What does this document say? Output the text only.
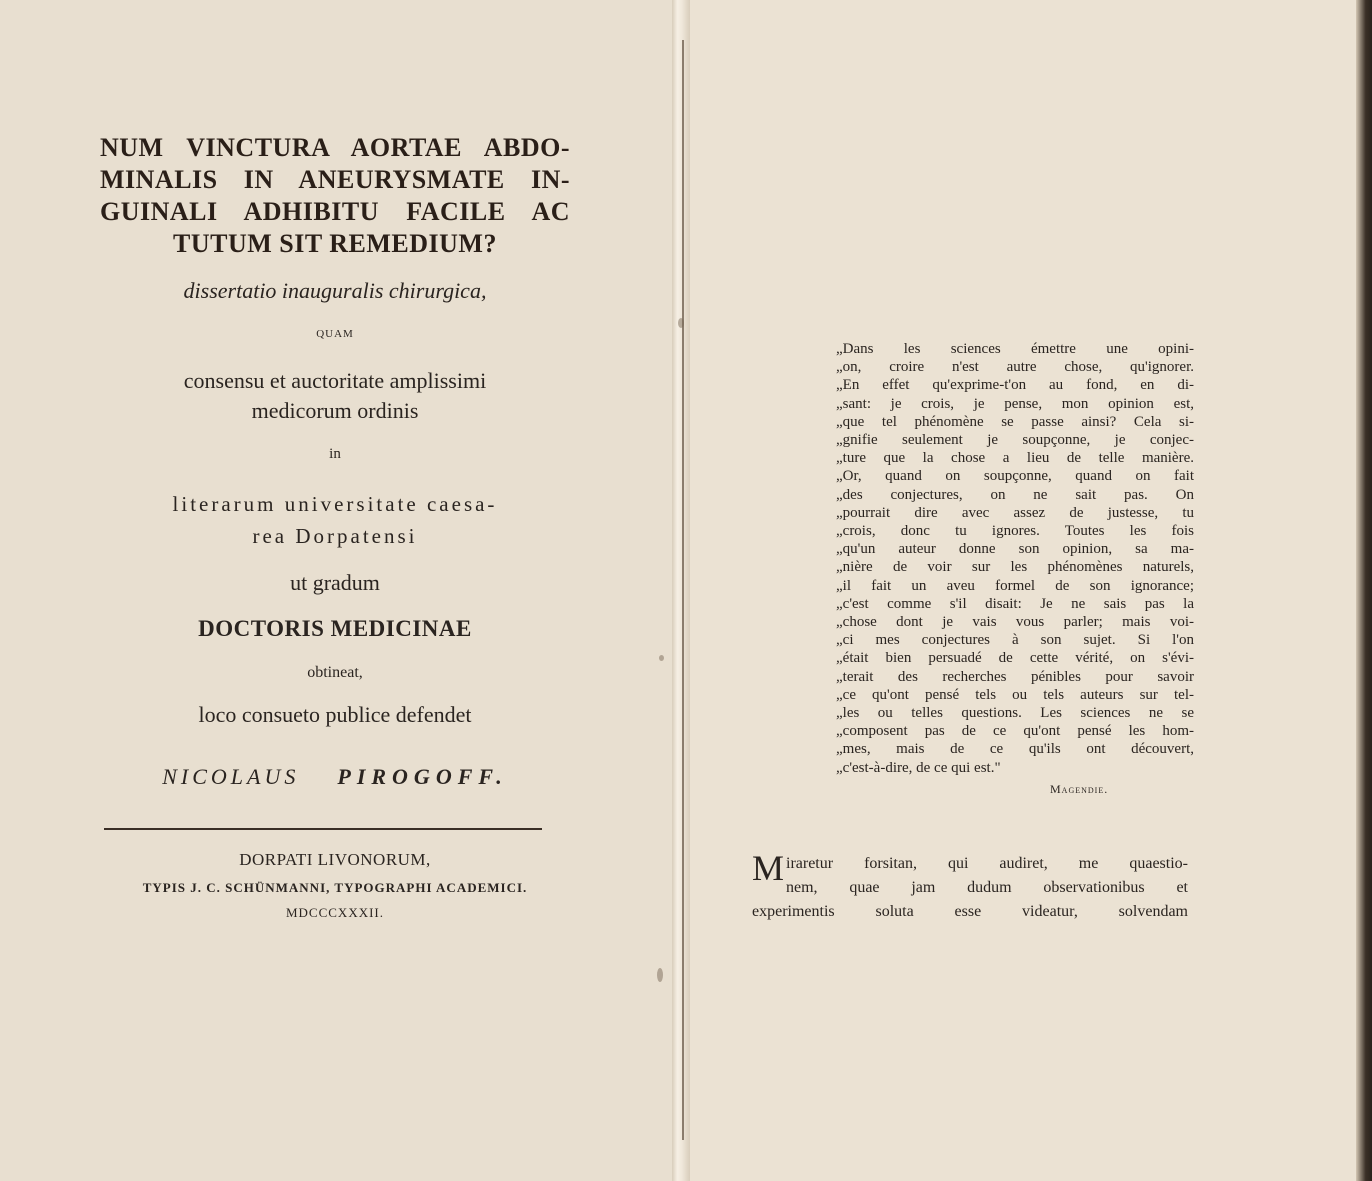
NUM VINCTURA AORTAE ABDO-
MINALIS IN ANEURYSMATE IN-
GUINALI ADHIBITU FACILE AC
TUTUM SIT REMEDIUM?
dissertatio inauguralis chirurgica,
QUAM
consensu et auctoritate amplissimi
medicorum ordinis
in
literarum universitate caesa-
rea Dorpatensi
ut gradum
DOCTORIS MEDICINAE
obtineat,
loco consueto publice defendet
NICOLAUS PIROGOFF.
DORPATI LIVONORUM,
TYPIS J. C. SCHÜNMANNI, TYPOGRAPHI ACADEMICI.
MDCCCXXXII.
„Dans les sciences émettre une opini-
„on, croire n'est autre chose, qu'ignorer.
„En effet qu'exprime-t'on au fond, en di-
„sant: je crois, je pense, mon opinion est,
„que tel phénomène se passe ainsi? Cela si-
„gnifie seulement je soupçonne, je conjec-
„ture que la chose a lieu de telle manière.
„Or, quand on soupçonne, quand on fait
„des conjectures, on ne sait pas. On
„pourrait dire avec assez de justesse, tu
„crois, donc tu ignores. Toutes les fois
„qu'un auteur donne son opinion, sa ma-
„nière de voir sur les phénomènes naturels,
„il fait un aveu formel de son ignorance;
„c'est comme s'il disait: Je ne sais pas la
„chose dont je vais vous parler; mais voi-
„ci mes conjectures à son sujet. Si l'on
„était bien persuadé de cette vérité, on s'évi-
„terait des recherches pénibles pour savoir
„ce qu'ont pensé tels ou tels auteurs sur tel-
„les ou telles questions. Les sciences ne se
„composent pas de ce qu'ont pensé les hom-
„mes, mais de ce qu'ils ont découvert,
„c'est-à-dire, de ce qui est."
Magendie.
M iraretur forsitan, qui audiret, me quaestio-
nem, quae jam dudum observationibus et
experimentis soluta esse videatur, solvendam
